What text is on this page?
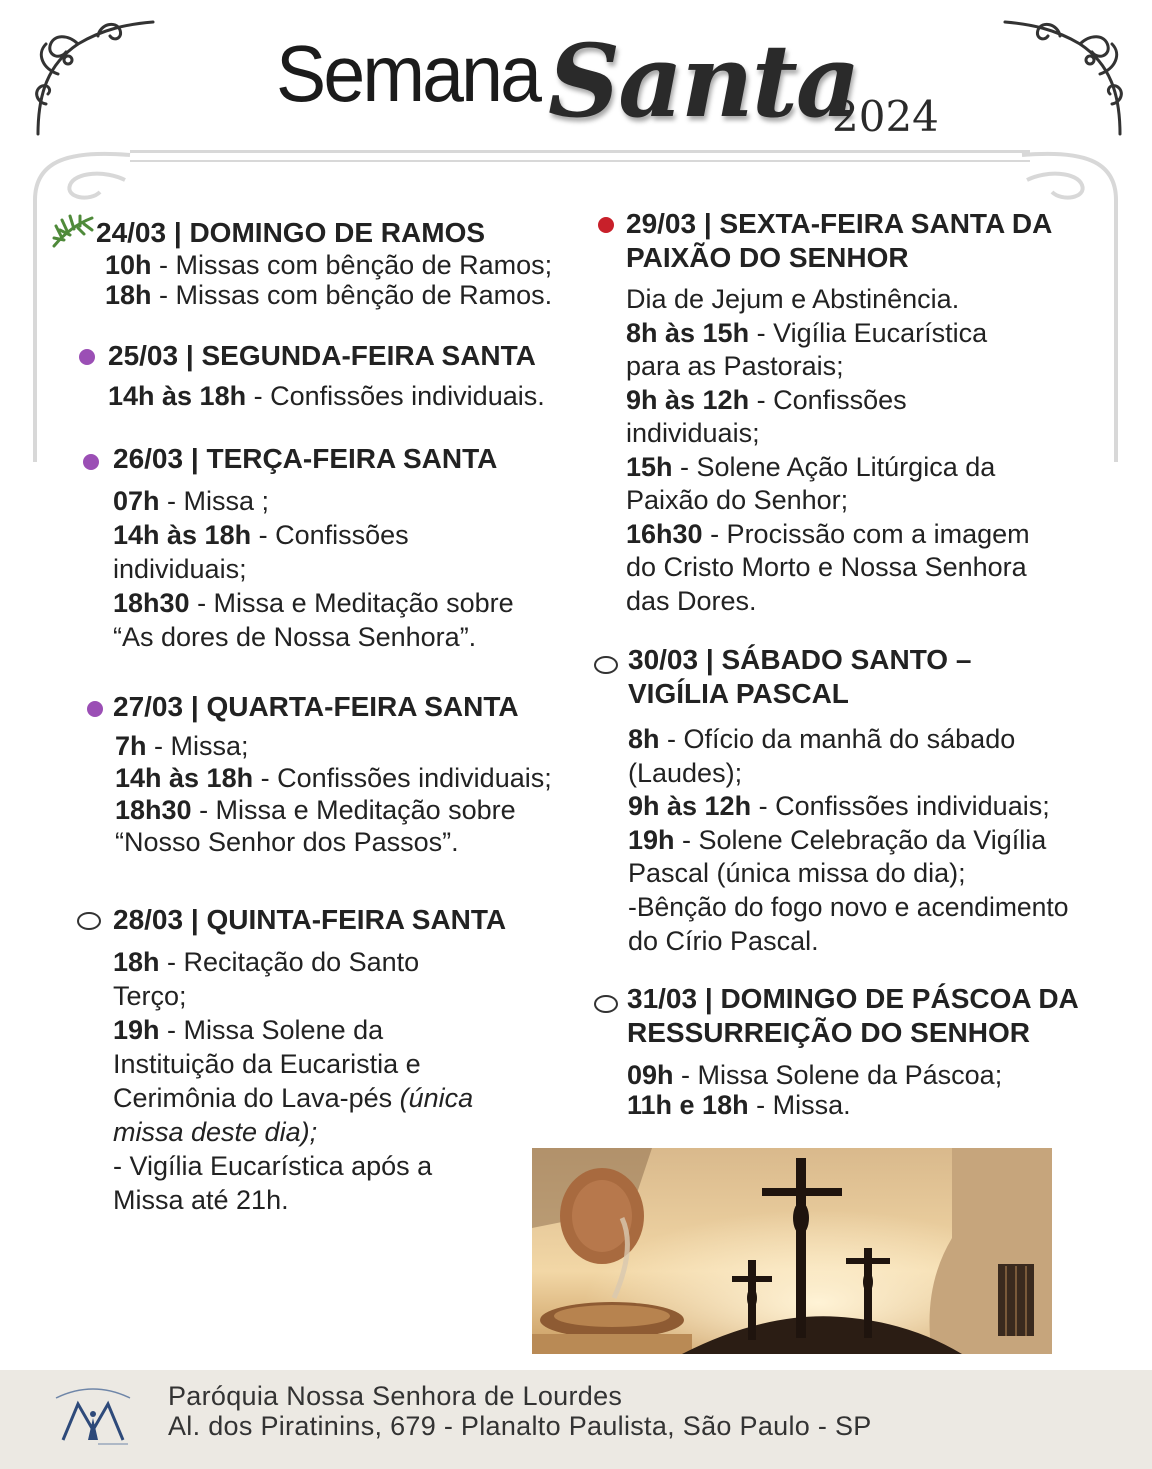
Semana Santa
2024
24/03 | DOMINGO DE RAMOS
10h - Missas com bênção de Ramos;
18h - Missas com bênção de Ramos.
25/03 | SEGUNDA-FEIRA SANTA
14h às 18h - Confissões individuais.
26/03 | TERÇA-FEIRA SANTA
07h - Missa ;
14h às 18h - Confissões
individuais;
18h30 - Missa e Meditação sobre
“As dores de Nossa Senhora”.
27/03 | QUARTA-FEIRA SANTA
7h - Missa;
14h às 18h - Confissões individuais;
18h30 - Missa e Meditação sobre
“Nosso Senhor dos Passos”.
28/03 | QUINTA-FEIRA SANTA
18h - Recitação do Santo
Terço;
19h - Missa Solene da
Instituição da Eucaristia e
Cerimônia do Lava-pés (única
missa deste dia);
- Vigília Eucarística após a
Missa até 21h.
29/03 | SEXTA-FEIRA SANTA DA
PAIXÃO DO SENHOR
Dia de Jejum e Abstinência.
8h às 15h - Vigília Eucarística
para as Pastorais;
9h às 12h - Confissões
individuais;
15h - Solene Ação Litúrgica da
Paixão do Senhor;
16h30 - Procissão com a imagem
do Cristo Morto e Nossa Senhora
das Dores.
30/03 | SÁBADO SANTO –
VIGÍLIA PASCAL
8h - Ofício da manhã do sábado
(Laudes);
9h às 12h - Confissões individuais;
19h - Solene Celebração da Vigília
Pascal (única missa do dia);
-Bênção do fogo novo e acendimento
do Círio Pascal.
31/03 | DOMINGO DE PÁSCOA DA
RESSURREIÇÃO DO SENHOR
09h - Missa Solene da Páscoa;
11h e 18h - Missa.
Paróquia Nossa Senhora de Lourdes
Al. dos Piratinins, 679 - Planalto Paulista, São Paulo - SP
